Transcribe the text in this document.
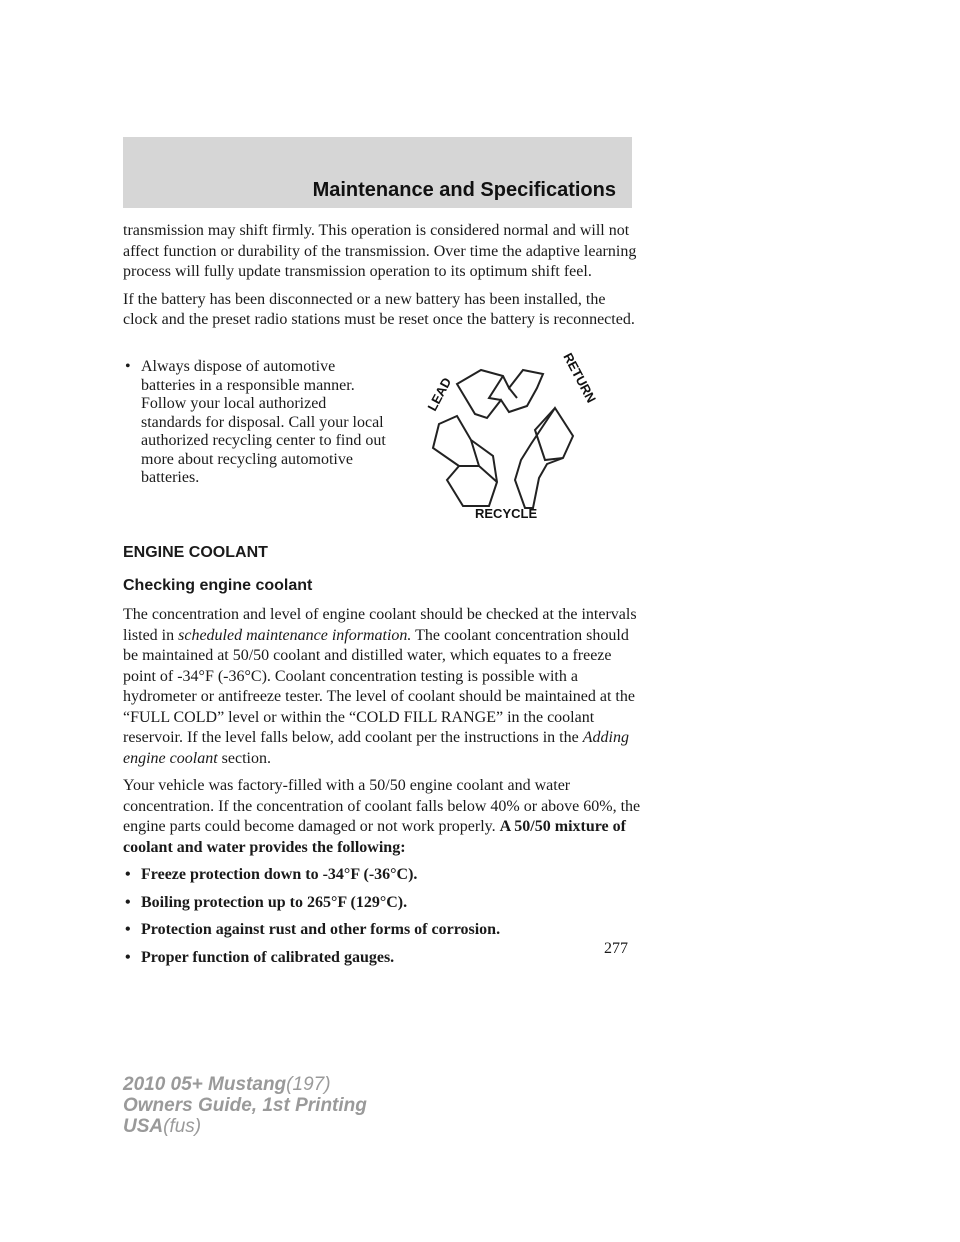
Maintenance and Specifications

transmission may shift firmly. This operation is considered normal and will not affect function or durability of the transmission. Over time the adaptive learning process will fully update transmission operation to its optimum shift feel.

If the battery has been disconnected or a new battery has been installed, the clock and the preset radio stations must be reset once the battery is reconnected.

• Always dispose of automotive batteries in a responsible manner. Follow your local authorized standards for disposal. Call your local authorized recycling center to find out more about recycling automotive batteries.
LEAD	RETURN
RECYCLE

ENGINE COOLANT

Checking engine coolant

The concentration and level of engine coolant should be checked at the intervals listed in scheduled maintenance information. The coolant concentration should be maintained at 50/50 coolant and distilled water, which equates to a freeze point of -34°F (-36°C). Coolant concentration testing is possible with a hydrometer or antifreeze tester. The level of coolant should be maintained at the “FULL COLD” level or within the “COLD FILL RANGE” in the coolant reservoir. If the level falls below, add coolant per the instructions in the Adding engine coolant section.

Your vehicle was factory-filled with a 50/50 engine coolant and water concentration. If the concentration of coolant falls below 40% or above 60%, the engine parts could become damaged or not work properly. A 50/50 mixture of coolant and water provides the following:

• Freeze protection down to -34°F (-36°C).
• Boiling protection up to 265°F (129°C).
• Protection against rust and other forms of corrosion.
• Proper function of calibrated gauges.	277
2010 05+ Mustang(197)
Owners Guide, 1st Printing
USA(fus)
